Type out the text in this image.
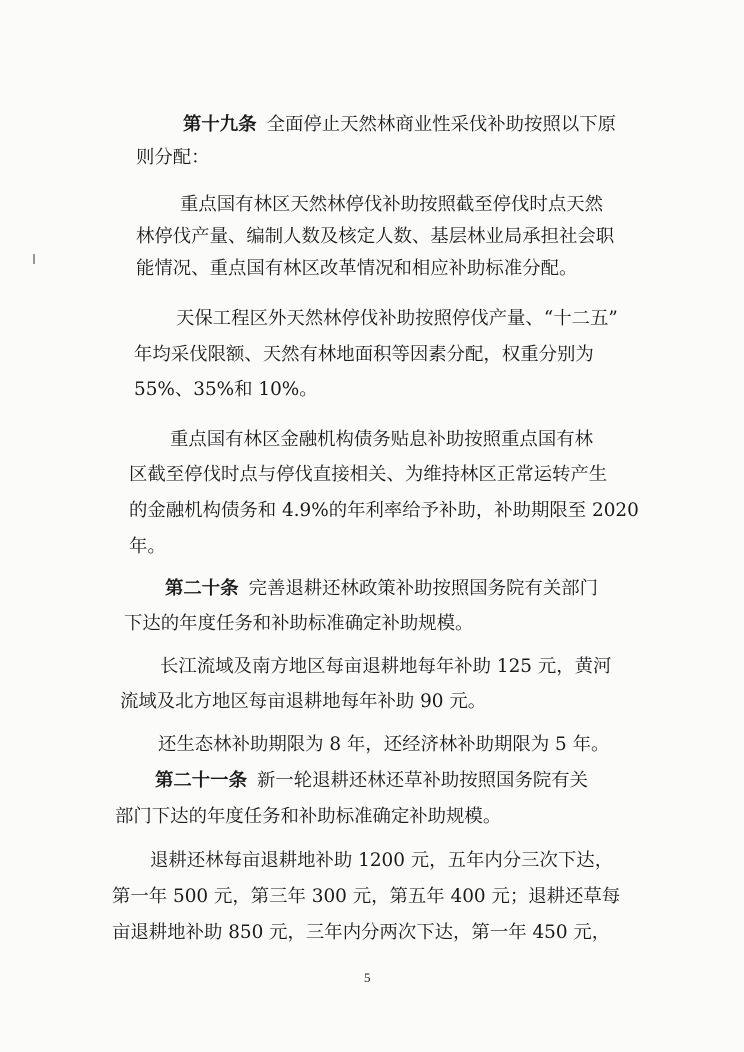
第十九条 全面停止天然林商业性采伐补助按照以下原
则分配：
重点国有林区天然林停伐补助按照截至停伐时点天然
林停伐产量、编制人数及核定人数、基层林业局承担社会职
能情况、重点国有林区改革情况和相应补助标准分配。
天保工程区外天然林停伐补助按照停伐产量、“十二五”
年均采伐限额、天然有林地面积等因素分配，权重分别为
55%、35%和 10%。
重点国有林区金融机构债务贴息补助按照重点国有林
区截至停伐时点与停伐直接相关、为维持林区正常运转产生
的金融机构债务和 4.9%的年利率给予补助，补助期限至 2020
年。
第二十条 完善退耕还林政策补助按照国务院有关部门
下达的年度任务和补助标准确定补助规模。
长江流域及南方地区每亩退耕地每年补助 125 元，黄河
流域及北方地区每亩退耕地每年补助 90 元。
还生态林补助期限为 8 年，还经济林补助期限为 5 年。
第二十一条 新一轮退耕还林还草补助按照国务院有关
部门下达的年度任务和补助标准确定补助规模。
退耕还林每亩退耕地补助 1200 元，五年内分三次下达，
第一年 500 元，第三年 300 元，第五年 400 元；退耕还草每
亩退耕地补助 850 元，三年内分两次下达，第一年 450 元，
5
